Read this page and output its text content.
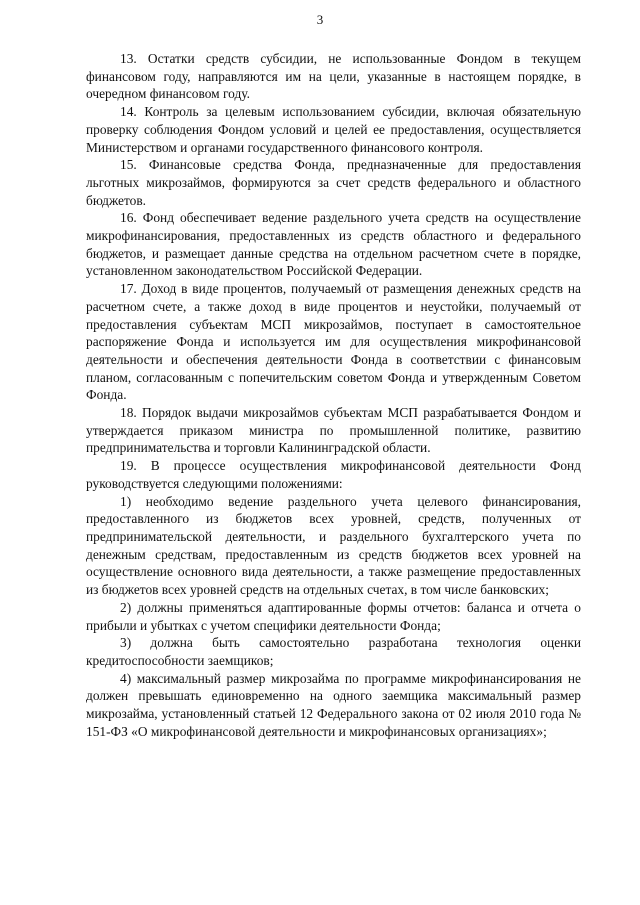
3

13. Остатки средств субсидии, не использованные Фондом в текущем финансовом году, направляются им на цели, указанные в настоящем порядке, в очередном финансовом году.

14. Контроль за целевым использованием субсидии, включая обязательную проверку соблюдения Фондом условий и целей ее предоставления, осуществляется Министерством и органами государственного финансового контроля.

15. Финансовые средства Фонда, предназначенные для предоставления льготных микрозаймов, формируются за счет средств федерального и областного бюджетов.

16. Фонд обеспечивает ведение раздельного учета средств на осуществление микрофинансирования, предоставленных из средств областного и федерального бюджетов, и размещает данные средства на отдельном расчетном счете в порядке, установленном законодательством Российской Федерации.

17. Доход в виде процентов, получаемый от размещения денежных средств на расчетном счете, а также доход в виде процентов и неустойки, получаемый от предоставления субъектам МСП микрозаймов, поступает в самостоятельное распоряжение Фонда и используется им для осуществления микрофинансовой деятельности и обеспечения деятельности Фонда в соответствии с финансовым планом, согласованным с попечительским советом Фонда и утвержденным Советом Фонда.

18. Порядок выдачи микрозаймов субъектам МСП разрабатывается Фондом и утверждается приказом министра по промышленной политике, развитию предпринимательства и торговли Калининградской области.

19. В процессе осуществления микрофинансовой деятельности Фонд руководствуется следующими положениями:

1) необходимо ведение раздельного учета целевого финансирования, предоставленного из бюджетов всех уровней, средств, полученных от предпринимательской деятельности, и раздельного бухгалтерского учета по денежным средствам, предоставленным из средств бюджетов всех уровней на осуществление основного вида деятельности, а также размещение предоставленных из бюджетов всех уровней средств на отдельных счетах, в том числе банковских;

2) должны применяться адаптированные формы отчетов: баланса и отчета о прибыли и убытках с учетом специфики деятельности Фонда;

3) должна быть самостоятельно разработана технология оценки кредитоспособности заемщиков;

4) максимальный размер микрозайма по программе микрофинансирования не должен превышать единовременно на одного заемщика максимальный размер микрозайма, установленный статьей 12 Федерального закона от 02 июля 2010 года № 151-ФЗ «О микрофинансовой деятельности и микрофинансовых организациях»;
